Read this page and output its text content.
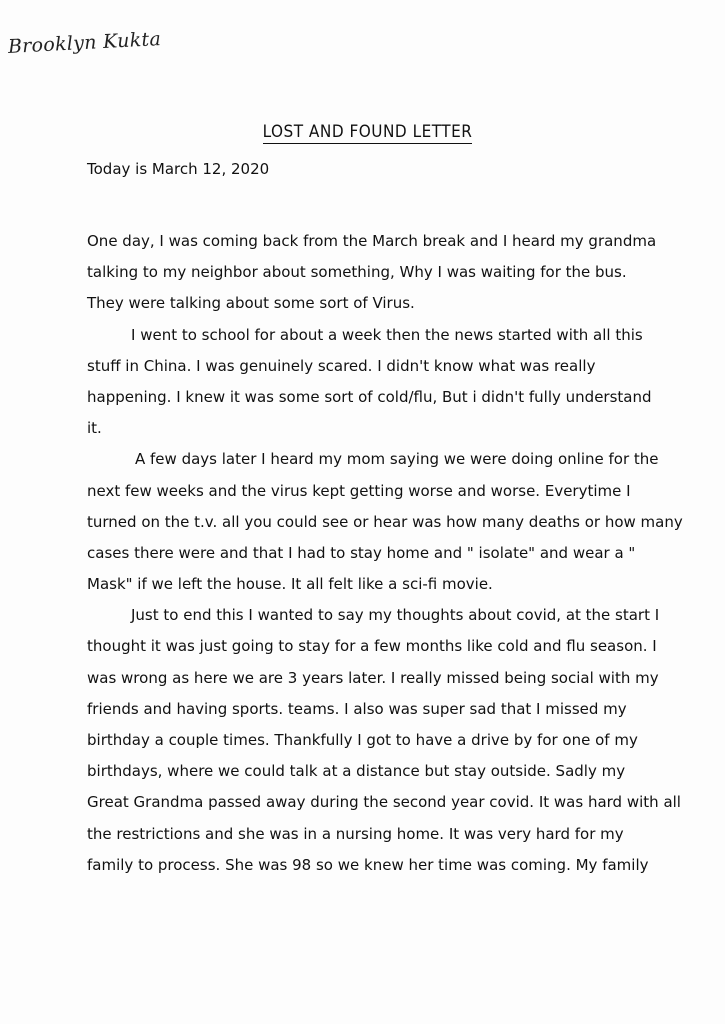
Brooklyn Kukta
LOST AND FOUND LETTER
Today is March 12, 2020
One day, I was coming back from the March break and I heard my grandma
talking to my neighbor about something, Why I was waiting for the bus.
They were talking about some sort of Virus.
I went to school for about a week then the news started with all this
stuff in China. I was genuinely scared. I didn't know what was really
happening. I knew it was some sort of cold/flu, But i didn't fully understand
it.
A few days later I heard my mom saying we were doing online for the
next few weeks and the virus kept getting worse and worse. Everytime I
turned on the t.v. all you could see or hear was how many deaths or how many
cases there were and that I had to stay home and " isolate" and wear a "
Mask" if we left the house. It all felt like a sci-fi movie.
Just to end this I wanted to say my thoughts about covid, at the start I
thought it was just going to stay for a few months like cold and flu season. I
was wrong as here we are 3 years later. I really missed being social with my
friends and having sports. teams. I also was super sad that I missed my
birthday a couple times. Thankfully I got to have a drive by for one of my
birthdays, where we could talk at a distance but stay outside. Sadly my
Great Grandma passed away during the second year covid. It was hard with all
the restrictions and she was in a nursing home. It was very hard for my
family to process. She was 98 so we knew her time was coming. My family
